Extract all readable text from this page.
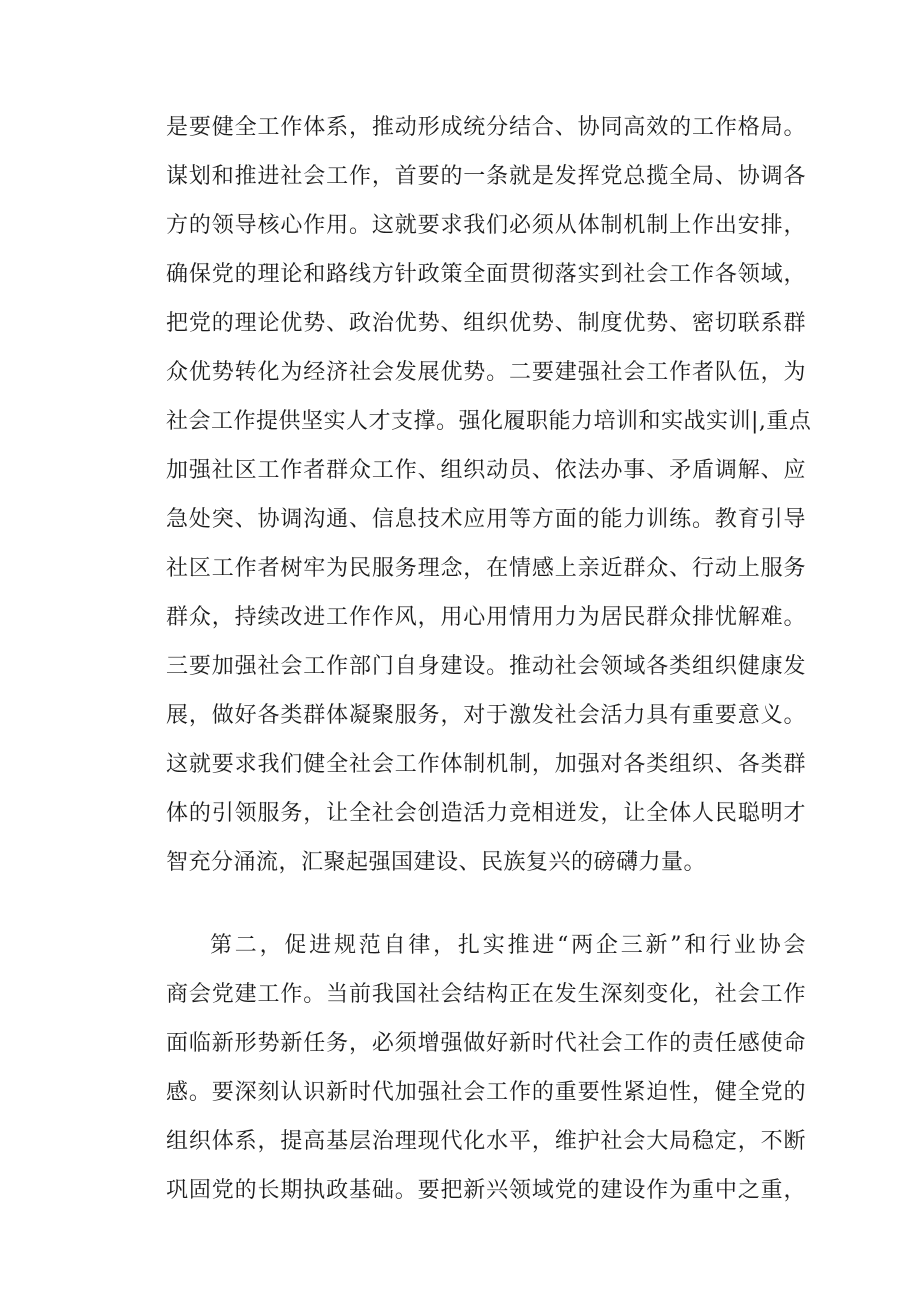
是要健全工作体系，推动形成统分结合、协同高效的工作格局。
谋划和推进社会工作，首要的一条就是发挥党总揽全局、协调各
方的领导核心作用。这就要求我们必须从体制机制上作出安排，
确保党的理论和路线方针政策全面贯彻落实到社会工作各领域，
把党的理论优势、政治优势、组织优势、制度优势、密切联系群
众优势转化为经济社会发展优势。二要建强社会工作者队伍，为
社会工作提供坚实人才支撑。强化履职能力培训和实战实训|,重点
加强社区工作者群众工作、组织动员、依法办事、矛盾调解、应
急处突、协调沟通、信息技术应用等方面的能力训练。教育引导
社区工作者树牢为民服务理念，在情感上亲近群众、行动上服务
群众，持续改进工作作风，用心用情用力为居民群众排忧解难。
三要加强社会工作部门自身建设。推动社会领域各类组织健康发
展，做好各类群体凝聚服务，对于激发社会活力具有重要意义。
这就要求我们健全社会工作体制机制，加强对各类组织、各类群
体的引领服务，让全社会创造活力竞相迸发，让全体人民聪明才
智充分涌流，汇聚起强国建设、民族复兴的磅礴力量。
第二，促进规范自律，扎实推进“两企三新”和行业协会
商会党建工作。当前我国社会结构正在发生深刻变化，社会工作
面临新形势新任务，必须增强做好新时代社会工作的责任感使命
感。要深刻认识新时代加强社会工作的重要性紧迫性，健全党的
组织体系，提高基层治理现代化水平，维护社会大局稳定，不断
巩固党的长期执政基础。要把新兴领域党的建设作为重中之重，
